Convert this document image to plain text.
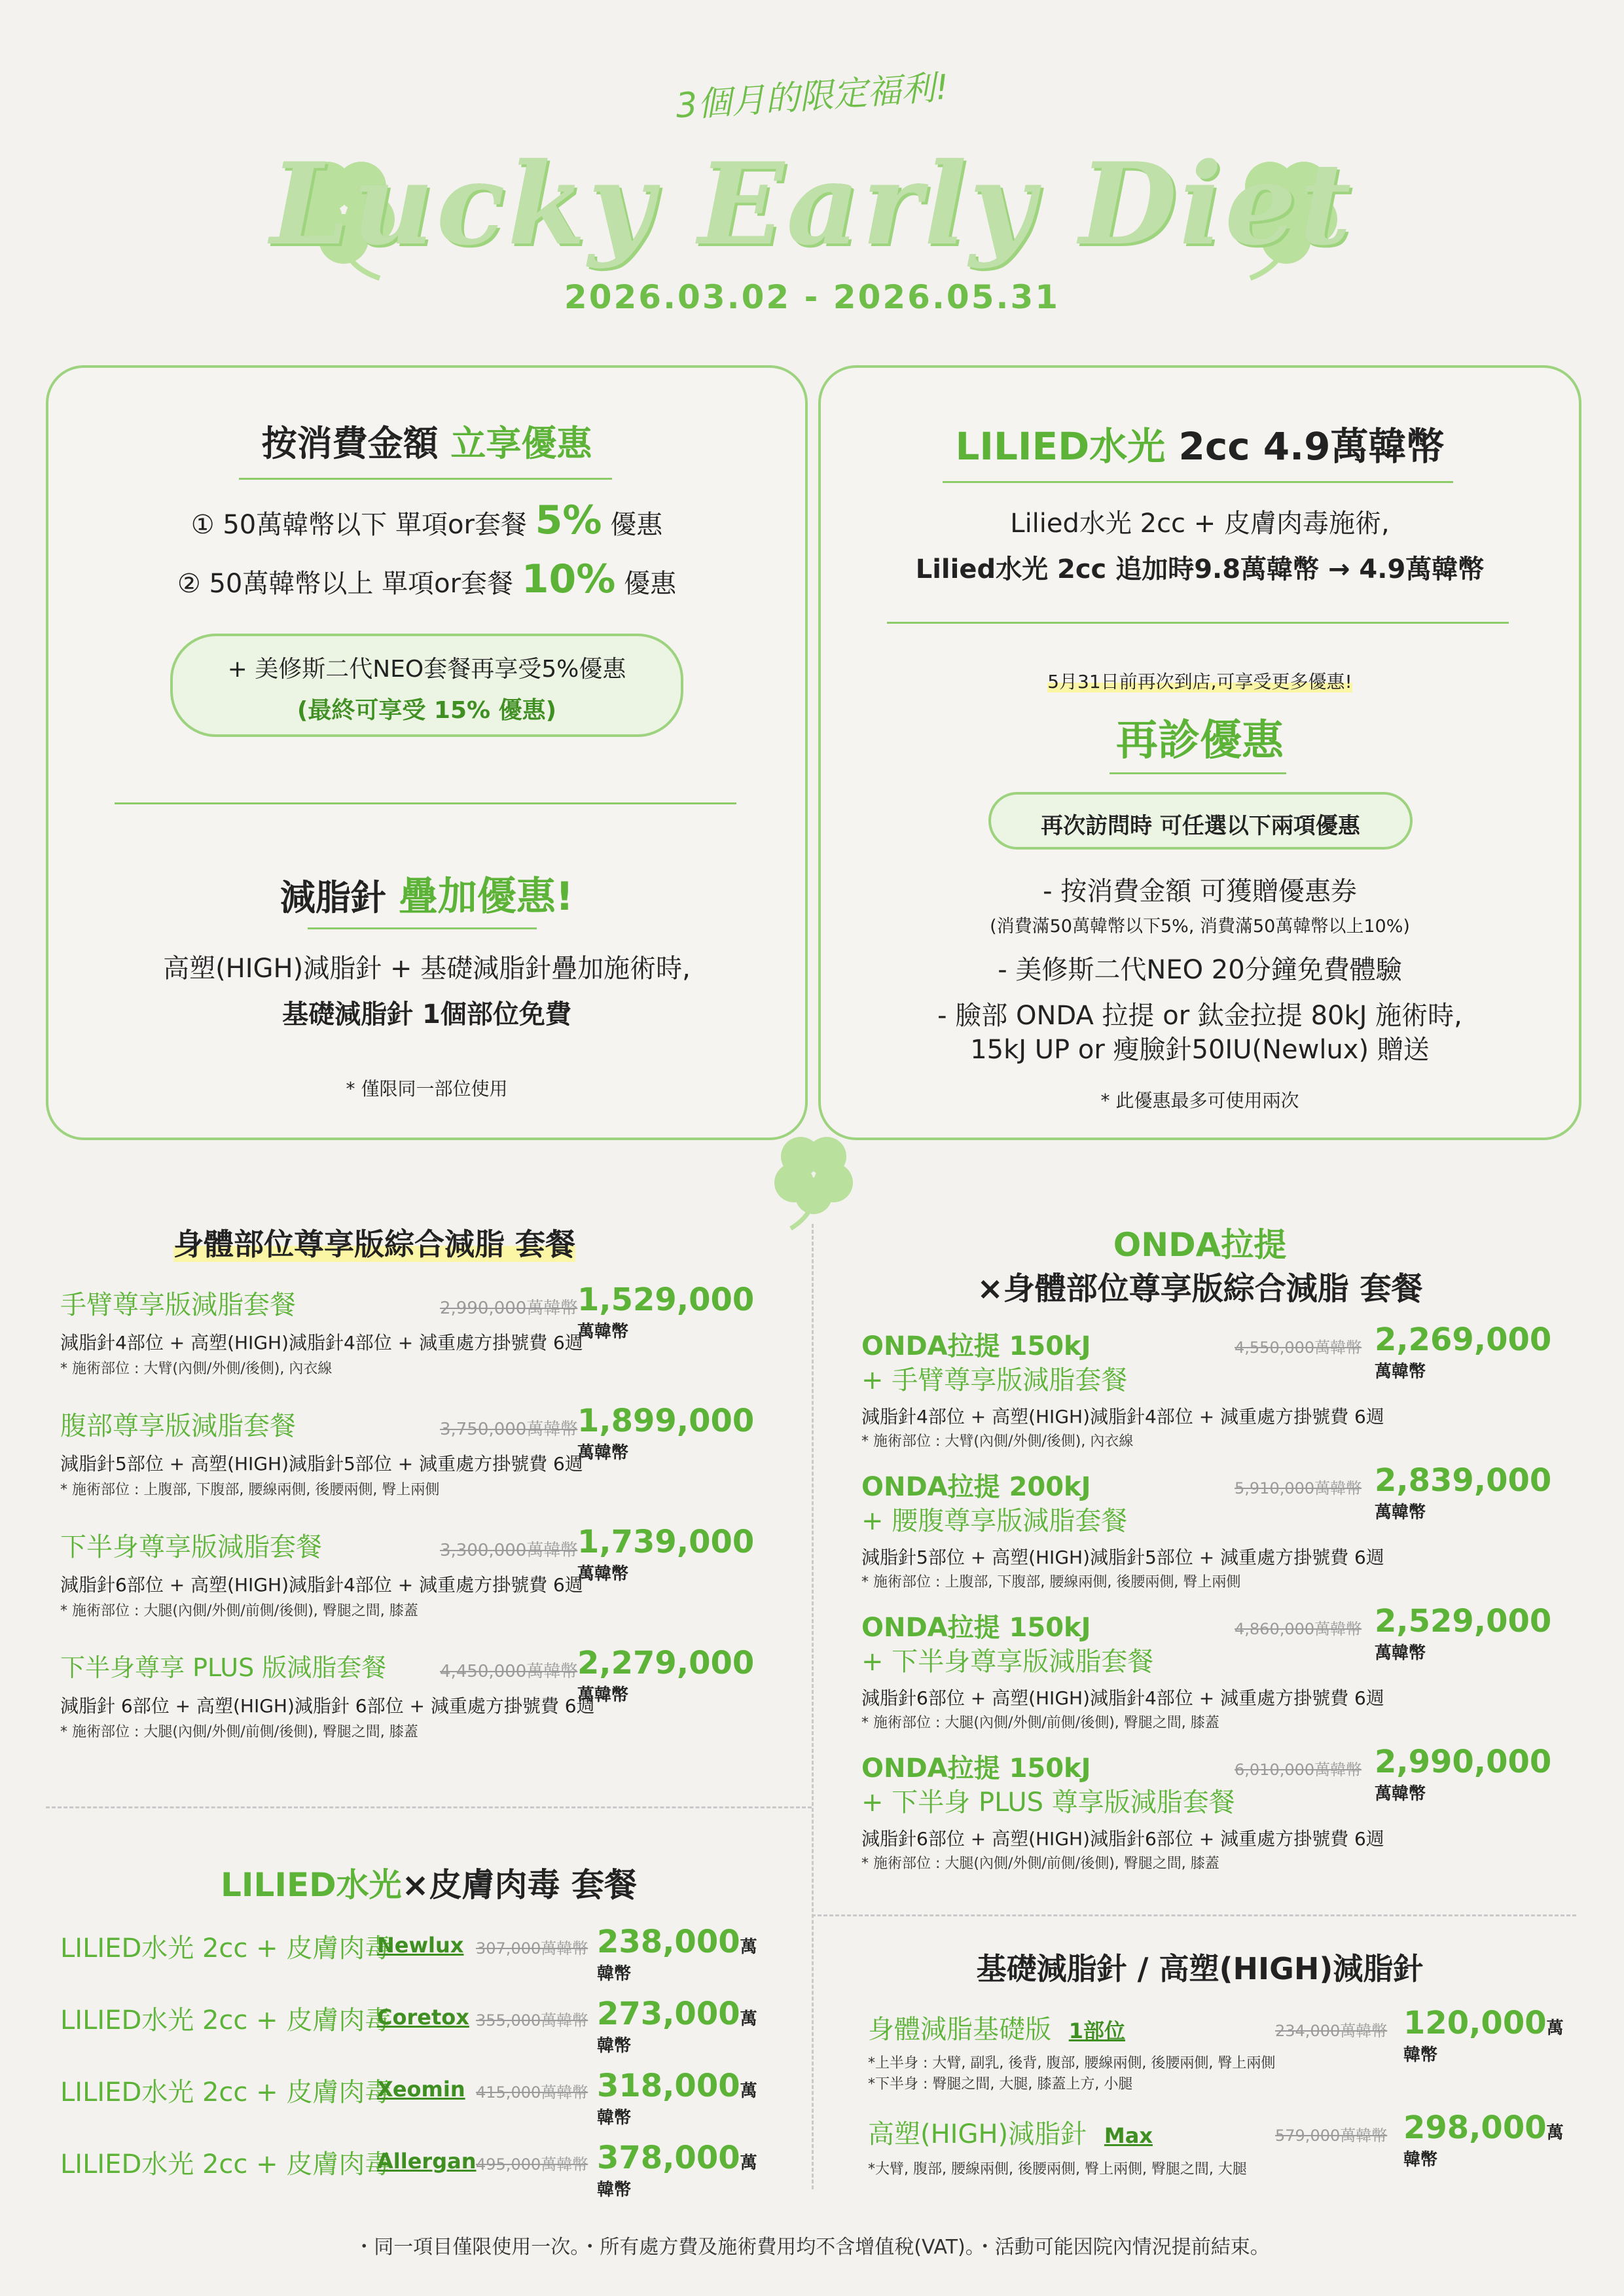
3個月的限定福利!
Lucky Early Diet
2026.03.02 - 2026.05.31
按消費金額 立享優惠
① 50萬韓幣以下 單項or套餐 5% 優惠
② 50萬韓幣以上 單項or套餐 10% 優惠
+ 美修斯二代NEO套餐再享受5%優惠
(最終可享受 15% 優惠)
減脂針 疊加優惠!
高塑(HIGH)減脂針 + 基礎減脂針疊加施術時,
基礎減脂針 1個部位免費
* 僅限同一部位使用
LILIED水光 2cc 4.9萬韓幣
Lilied水光 2cc + 皮膚肉毒施術,
Lilied水光 2cc 追加時9.8萬韓幣 → 4.9萬韓幣
5月31日前再次到店,可享受更多優惠!
再診優惠
再次訪問時 可任選以下兩項優惠
- 按消費金額 可獲贈優惠券
(消費滿50萬韓幣以下5%, 消費滿50萬韓幣以上10%)
- 美修斯二代NEO 20分鐘免費體驗
- 臉部 ONDA 拉提 or 鈦金拉提 80kJ 施術時,
15kJ UP or 瘦臉針50IU(Newlux) 贈送
* 此優惠最多可使用兩次
身體部位尊享版綜合減脂 套餐
手臂尊享版減脂套餐	2,990,000萬韓幣 1,529,000萬韓幣
減脂針4部位 + 高塑(HIGH)減脂針4部位 + 減重處方掛號費 6週
* 施術部位 : 大臂(內側/外側/後側), 內衣線
腹部尊享版減脂套餐	3,750,000萬韓幣 1,899,000萬韓幣
減脂針5部位 + 高塑(HIGH)減脂針5部位 + 減重處方掛號費 6週
* 施術部位 : 上腹部, 下腹部, 腰線兩側, 後腰兩側, 臀上兩側
下半身尊享版減脂套餐	3,300,000萬韓幣 1,739,000萬韓幣
減脂針6部位 + 高塑(HIGH)減脂針4部位 + 減重處方掛號費 6週
* 施術部位 : 大腿(內側/外側/前側/後側), 臀腿之間, 膝蓋
下半身尊享 PLUS 版減脂套餐	4,450,000萬韓幣 2,279,000萬韓幣
減脂針 6部位 + 高塑(HIGH)減脂針 6部位 + 減重處方掛號費 6週
* 施術部位 : 大腿(內側/外側/前側/後側), 臀腿之間, 膝蓋
LILIED水光×皮膚肉毒 套餐
LILIED水光 2cc + 皮膚肉毒
Newlux 307,000萬韓幣 238,000萬韓幣
LILIED水光 2cc + 皮膚肉毒
Coretox 355,000萬韓幣 273,000萬韓幣
LILIED水光 2cc + 皮膚肉毒
Xeomin 415,000萬韓幣 318,000萬韓幣
LILIED水光 2cc + 皮膚肉毒
Allergan 495,000萬韓幣 378,000萬韓幣
ONDA拉提
×身體部位尊享版綜合減脂 套餐
ONDA拉提 150kJ
+ 手臂尊享版減脂套餐
4,550,000萬韓幣 2,269,000萬韓幣
減脂針4部位 + 高塑(HIGH)減脂針4部位 + 減重處方掛號費 6週
* 施術部位 : 大臂(內側/外側/後側), 內衣線
ONDA拉提 200kJ
+ 腰腹尊享版減脂套餐
5,910,000萬韓幣 2,839,000萬韓幣
減脂針5部位 + 高塑(HIGH)減脂針5部位 + 減重處方掛號費 6週
* 施術部位 : 上腹部, 下腹部, 腰線兩側, 後腰兩側, 臀上兩側
ONDA拉提 150kJ
+ 下半身尊享版減脂套餐
4,860,000萬韓幣 2,529,000萬韓幣
減脂針6部位 + 高塑(HIGH)減脂針4部位 + 減重處方掛號費 6週
* 施術部位 : 大腿(內側/外側/前側/後側), 臀腿之間, 膝蓋
ONDA拉提 150kJ
+ 下半身 PLUS 尊享版減脂套餐
6,010,000萬韓幣 2,990,000萬韓幣
減脂針6部位 + 高塑(HIGH)減脂針6部位 + 減重處方掛號費 6週
* 施術部位 : 大腿(內側/外側/前側/後側), 臀腿之間, 膝蓋
基礎減脂針 / 高塑(HIGH)減脂針
身體減脂基礎版 1部位	234,000萬韓幣 120,000萬韓幣
*上半身 : 大臂, 副乳, 後背, 腹部, 腰線兩側, 後腰兩側, 臀上兩側
*下半身 : 臀腿之間, 大腿, 膝蓋上方, 小腿
高塑(HIGH)減脂針 Max	579,000萬韓幣 298,000萬韓幣
*大臂, 腹部, 腰線兩側, 後腰兩側, 臀上兩側, 臀腿之間, 大腿
・同一項目僅限使用一次。・所有處方費及施術費用均不含增值稅(VAT)。・活動可能因院內情況提前結束。
